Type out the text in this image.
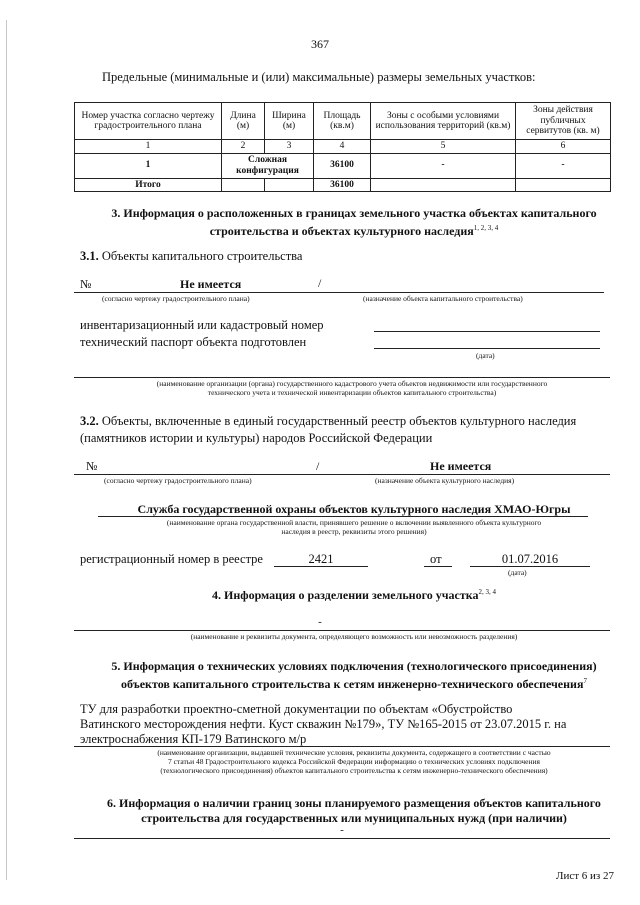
367
Предельные (минимальные и (или) максимальные) размеры земельных участков:
Номер участка согласно чертежу градостроительного плана	Длина (м)	Ширина (м)	Площадь (кв.м)	Зоны с особыми условиями использования территорий (кв.м)	Зоны действия публичных сервитутов (кв. м)
1	2	3	4	5	6
1	Сложная конфигурация		36100	-	-
Итого			36100		
3. Информация о расположенных в границах земельного участка объектах капитального
строительства и объектах культурного наследия$^{1, 2, 3, 4}$
3.1. Объекты капитального строительства
№	Не имеется	/
(согласно чертежу градостроительного плана)	(назначение объекта капитального строительства)
инвентаризационный или кадастровый номер
технический паспорт объекта подготовлен
(дата)
(наименование организации (органа) государственного кадастрового учета объектов недвижимости или государственного
технического учета и технической инвентаризации объектов капитального строительства)
3.2. Объекты, включенные в единый государственный реестр объектов культурного наследия
(памятников истории и культуры) народов Российской Федерации
№	/	Не имеется
(согласно чертежу градостроительного плана)	(назначение объекта культурного наследия)
Служба государственной охраны объектов культурного наследия ХМАО-Югры
(наименование органа государственной власти, принявшего решение о включении выявленного объекта культурного
наследия в реестр, реквизиты этого решения)
регистрационный номер в реестре	2421	от	01.07.2016
(дата)
4. Информация о разделении земельного участка$^{2, 3, 4}$
-
(наименование и реквизиты документа, определяющего возможность или невозможность разделения)
5. Информация о технических условиях подключения (технологического присоединения)
объектов капитального строительства к сетям инженерно-технического обеспечения$^7$
ТУ для разработки проектно-сметной документации по объектам «Обустройство
Ватинского месторождения нефти. Куст скважин №179», ТУ №165-2015 от 23.07.2015 г. на
электроснабжения КП-179 Ватинского м/р
(наименование организации, выдавшей технические условия, реквизиты документа, содержащего в соответствии с частью
7 статьи 48 Градостроительного кодекса Российской Федерации информацию о технических условиях подключения
(технологического присоединения) объектов капитального строительства к сетям инженерно-технического обеспечения)
6. Информация о наличии границ зоны планируемого размещения объектов капитального
строительства для государственных или муниципальных нужд (при наличии)
-
Лист 6 из 27
